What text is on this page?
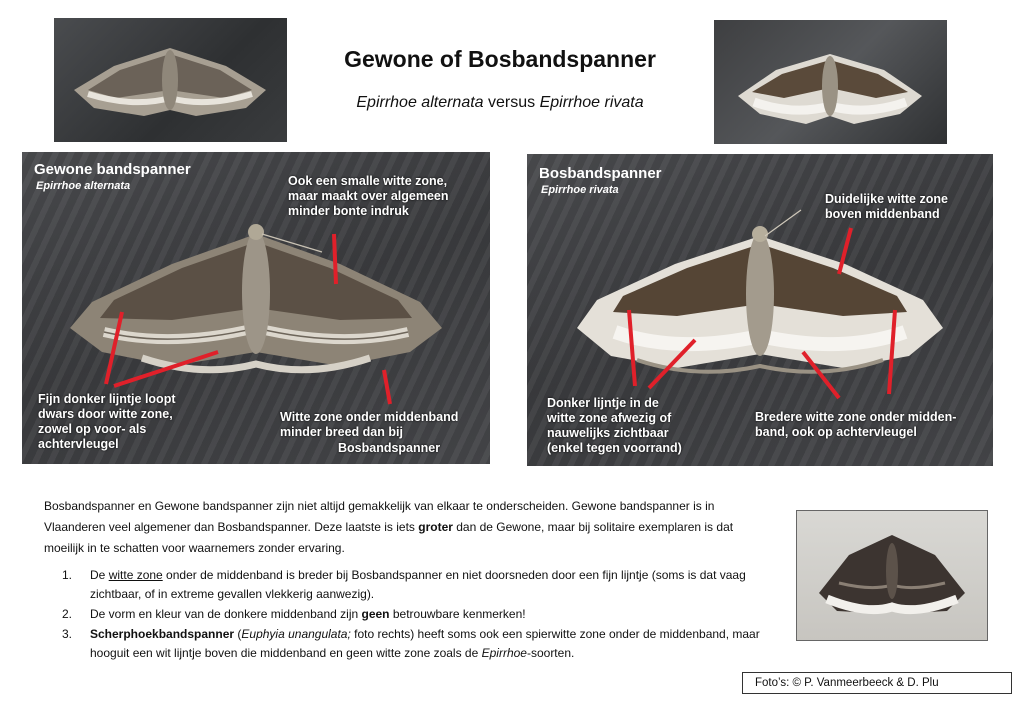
Gewone of Bosbandspanner
Epirrhoe alternata versus Epirrhoe rivata
Gewone bandspanner
Epirrhoe alternata	Ook een smalle witte zone,
maar maakt over algemeen
minder bonte indruk
Fijn donker lijntje loopt
dwars door witte zone,
zowel op voor- als
achtervleugel
Witte zone onder middenband
minder breed dan bij
Bosbandspanner
Bosbandspanner
Epirrhoe rivata
Duidelijke witte zone
boven middenband
Donker lijntje in de
witte zone afwezig of
nauwelijks zichtbaar
(enkel tegen voorrand)
Bredere witte zone onder midden-
band, ook op achtervleugel
Bosbandspanner en Gewone bandspanner zijn niet altijd gemakkelijk van elkaar te onderscheiden. Gewone bandspanner is in Vlaanderen veel algemener dan Bosbandspanner. Deze laatste is iets groter dan de Gewone, maar bij solitaire exemplaren is dat moeilijk in te schatten voor waarnemers zonder ervaring.
1.	De witte zone onder de middenband is breder bij Bosbandspanner en niet doorsneden door een fijn lijntje (soms is dat vaag zichtbaar, of in extreme gevallen vlekkerig aanwezig).
2.	De vorm en kleur van de donkere middenband zijn geen betrouwbare kenmerken!
3.	Scherphoekbandspanner (Euphyia unangulata; foto rechts) heeft soms ook een spierwitte zone onder de middenband, maar hooguit een wit lijntje boven die middenband en geen witte zone zoals de Epirrhoe-soorten.
Foto’s: © P. Vanmeerbeeck & D. Plu
